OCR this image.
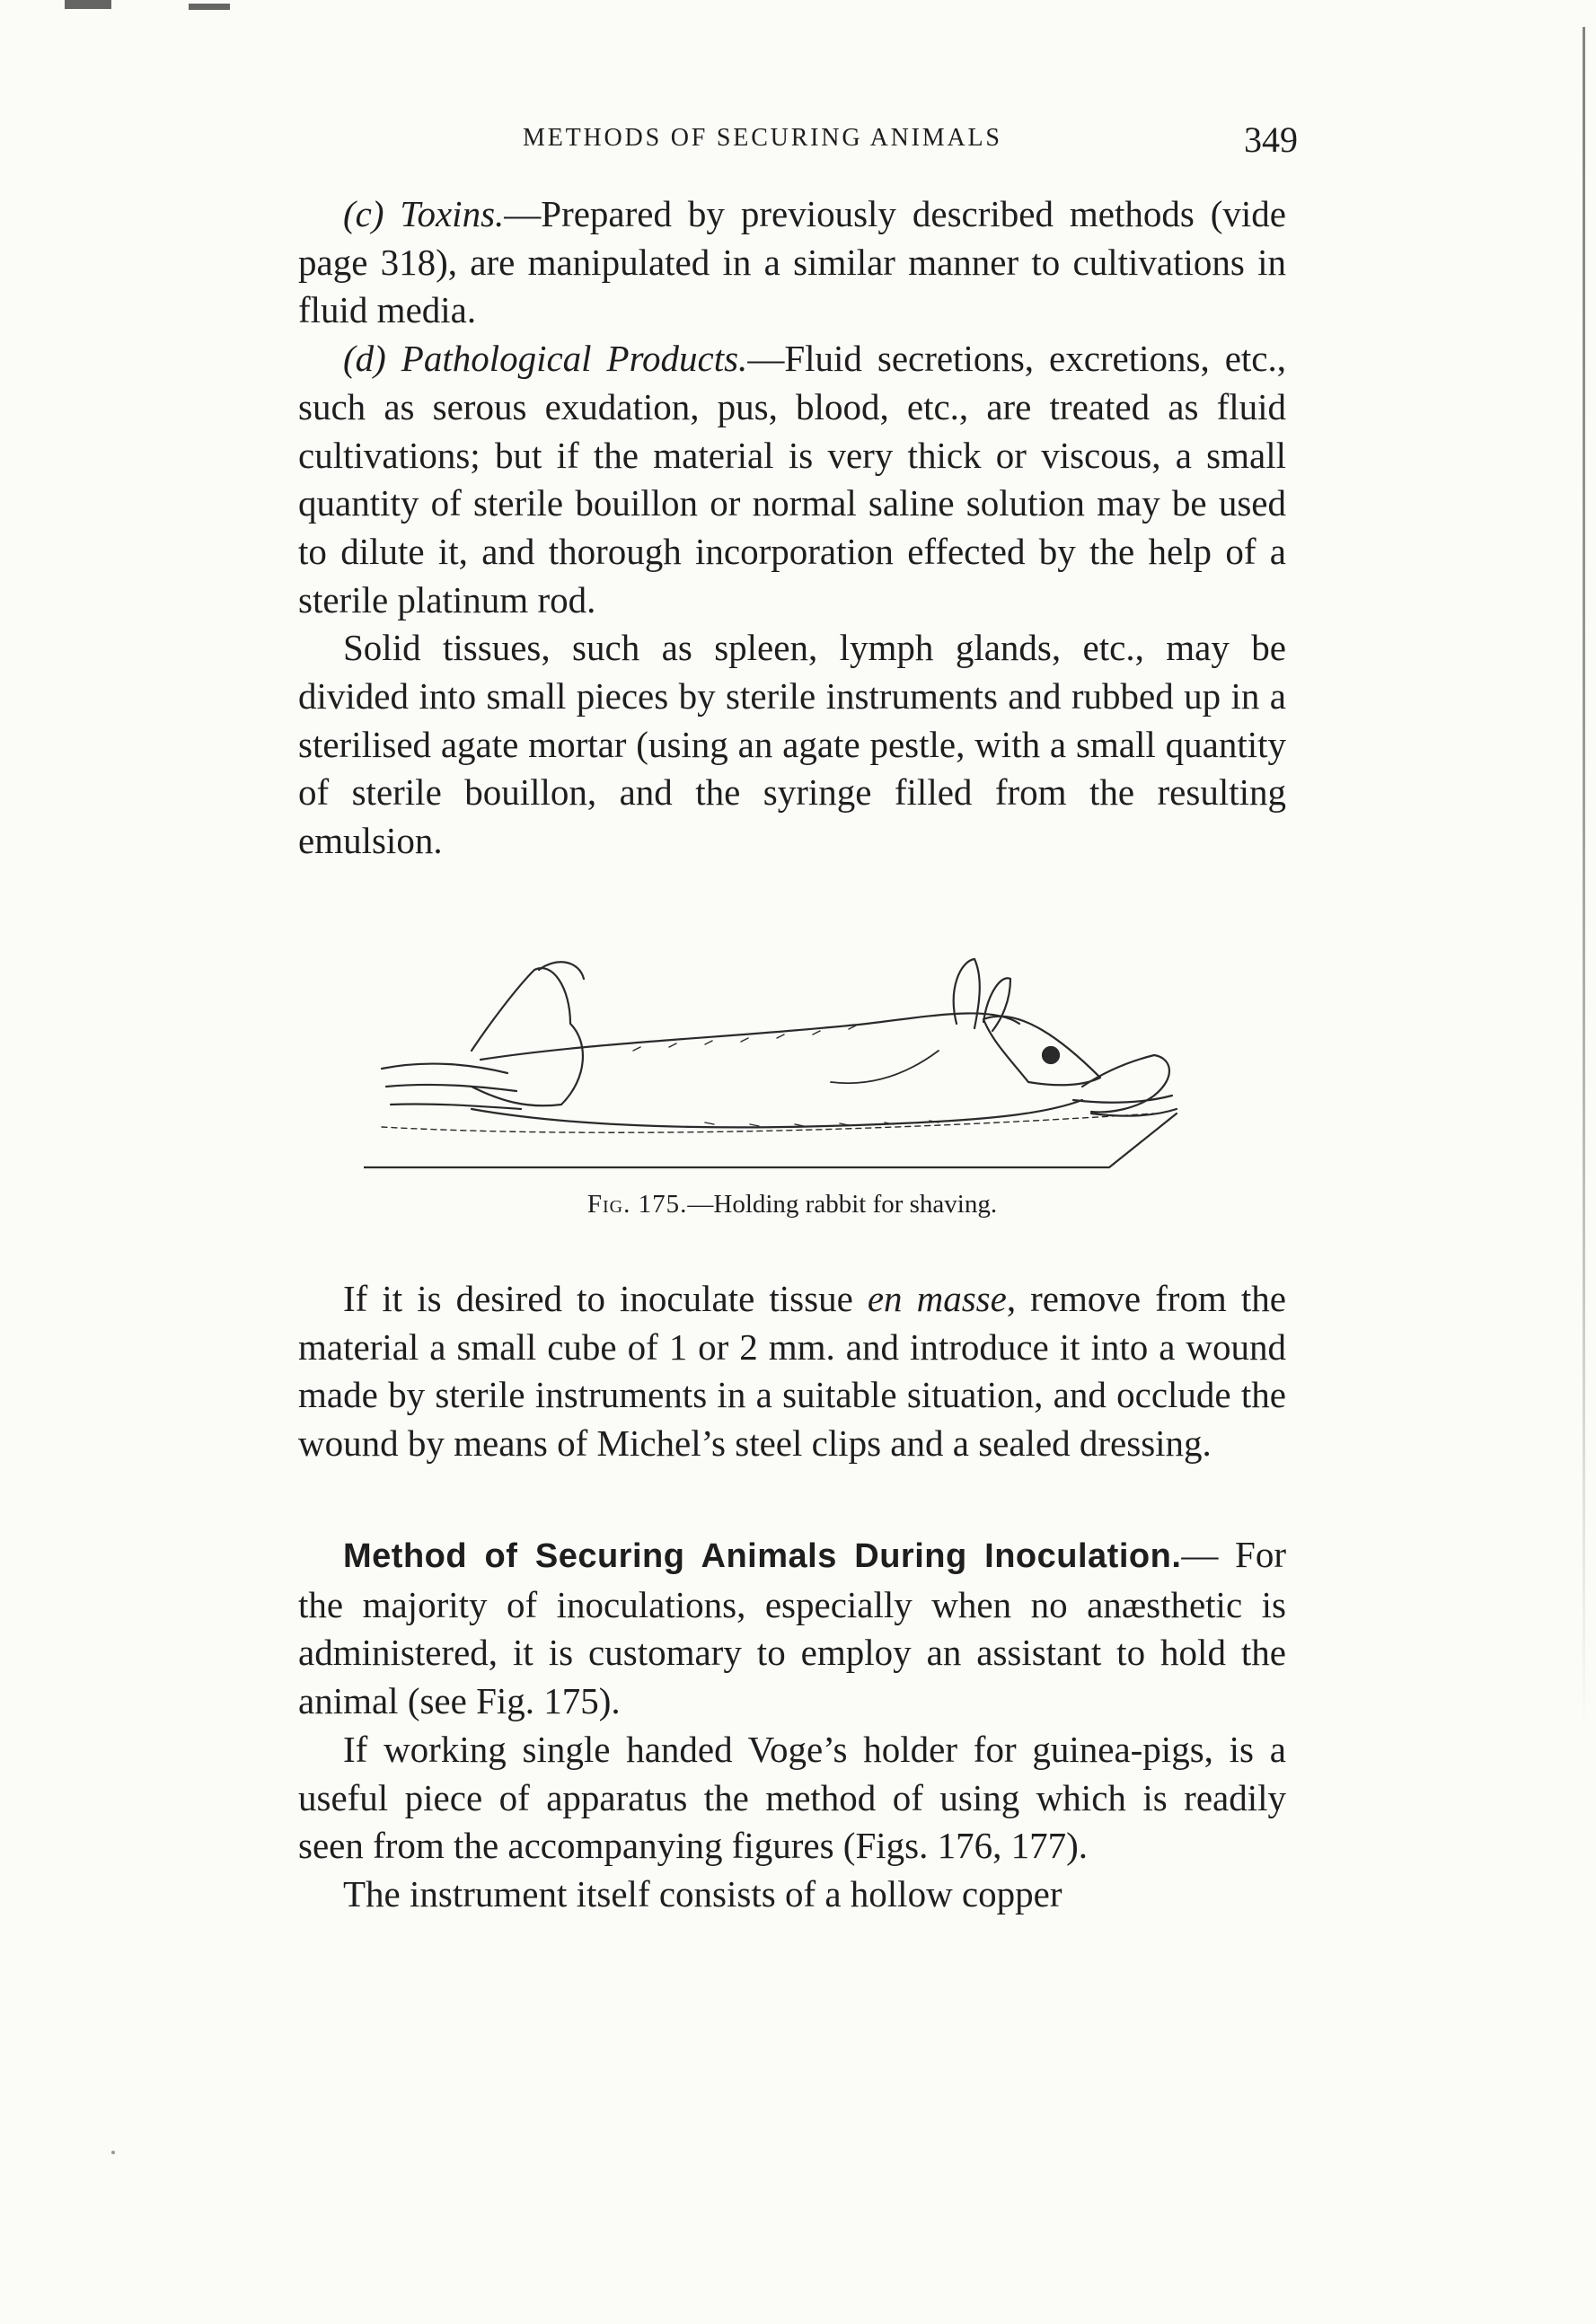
METHODS OF SECURING ANIMALS	349

(c) Toxins.—Prepared by previously described methods (vide page 318), are manipulated in a similar manner to cultivations in fluid media.

(d) Pathological Products.—Fluid secretions, excretions, etc., such as serous exudation, pus, blood, etc., are treated as fluid cultivations; but if the material is very thick or viscous, a small quantity of sterile bouillon or normal saline solution may be used to dilute it, and thorough incorporation effected by the help of a sterile platinum rod.

Solid tissues, such as spleen, lymph glands, etc., may be divided into small pieces by sterile instruments and rubbed up in a sterilised agate mortar (using an agate pestle, with a small quantity of sterile bouillon, and the syringe filled from the resulting emulsion.

Fig. 175.—Holding rabbit for shaving.

If it is desired to inoculate tissue en masse, remove from the material a small cube of 1 or 2 mm. and introduce it into a wound made by sterile instruments in a suitable situation, and occlude the wound by means of Michel’s steel clips and a sealed dressing.

Method of Securing Animals During Inoculation.— For the majority of inoculations, especially when no anæsthetic is administered, it is customary to employ an assistant to hold the animal (see Fig. 175).

If working single handed Voge’s holder for guinea-pigs, is a useful piece of apparatus the method of using which is readily seen from the accompanying figures (Figs. 176, 177).

The instrument itself consists of a hollow copper
